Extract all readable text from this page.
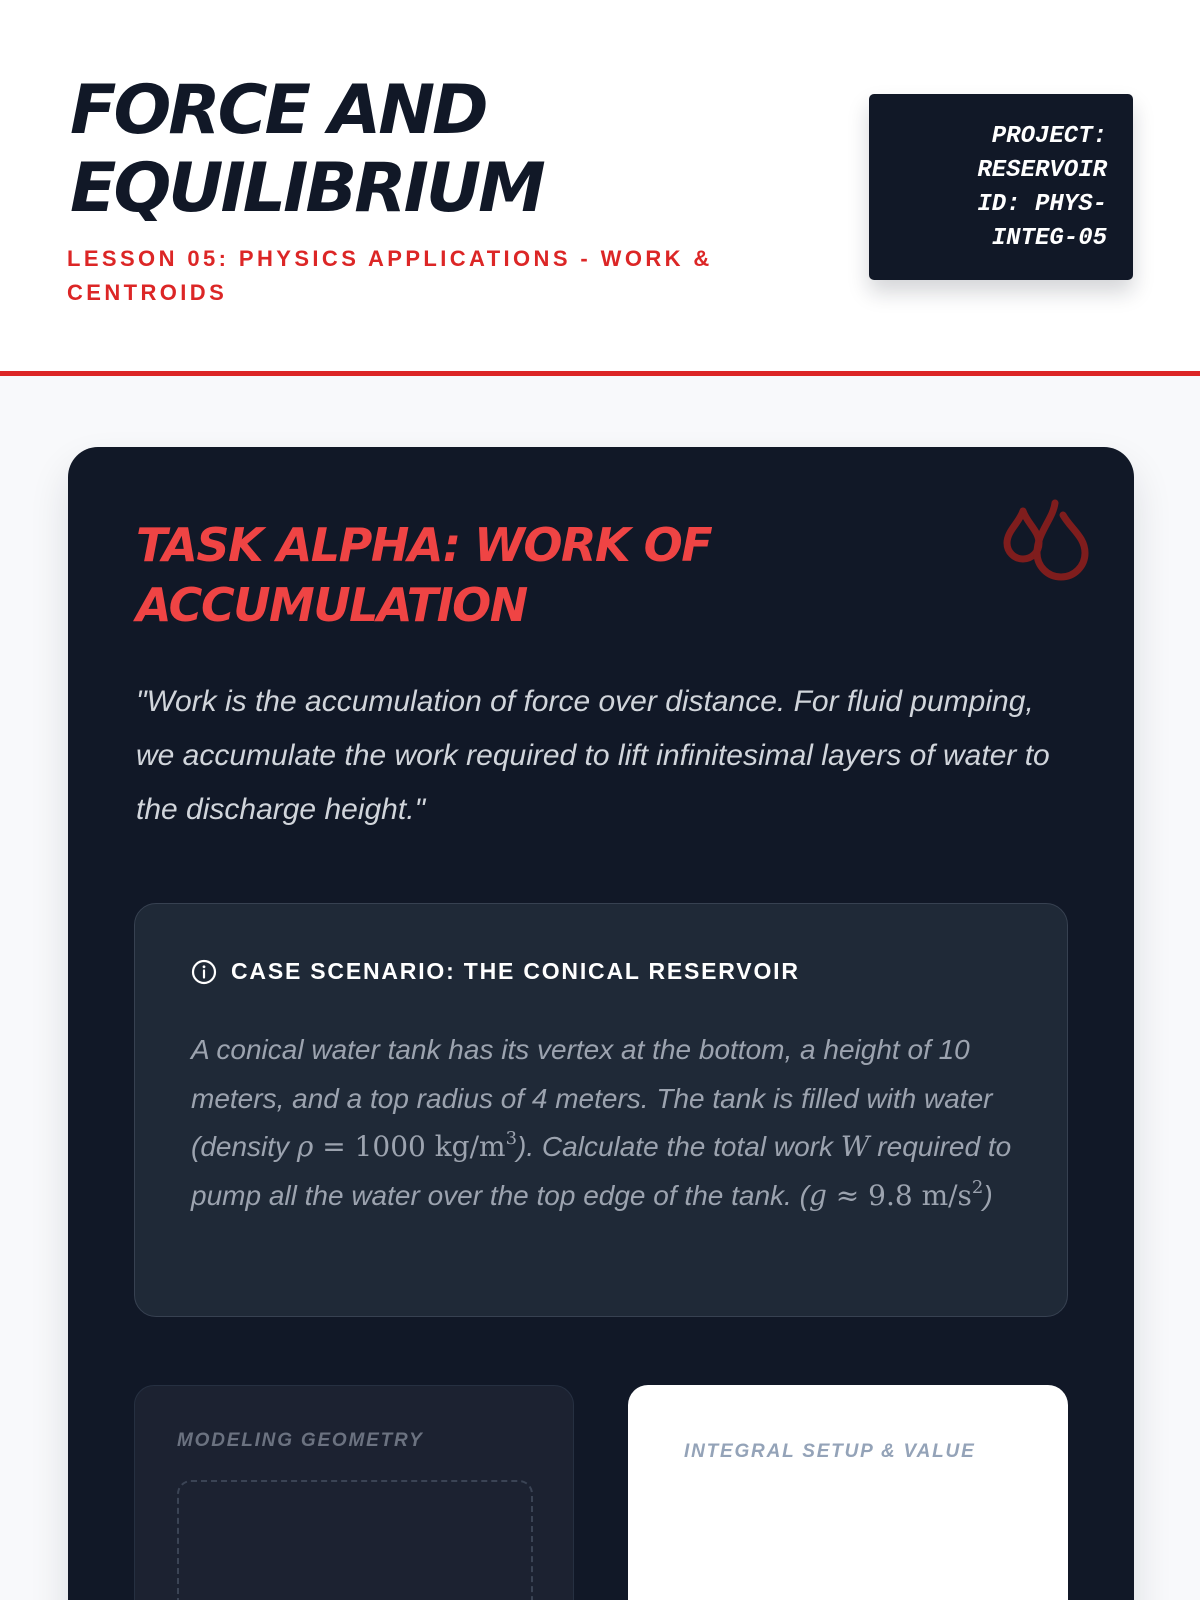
FORCE AND EQUILIBRIUM
LESSON 05: PHYSICS APPLICATIONS - WORK & CENTROIDS
PROJECT:
RESERVOIR
ID: PHYS-
INTEG-05
TASK ALPHA: WORK OF ACCUMULATION

"Work is the accumulation of force over distance. For fluid pumping, we accumulate the work required to lift infinitesimal layers of water to the discharge height."

CASE SCENARIO: THE CONICAL RESERVOIR

A conical water tank has its vertex at the bottom, a height of 10 meters, and a top radius of 4 meters. The tank is filled with water (density ρ = 1000 $kg/m^3$). Calculate the total work W required to pump all the water over the top edge of the tank. (g ≈ 9.8 $m/s^2$)

MODELING GEOMETRY
INTEGRAL SETUP & VALUE
